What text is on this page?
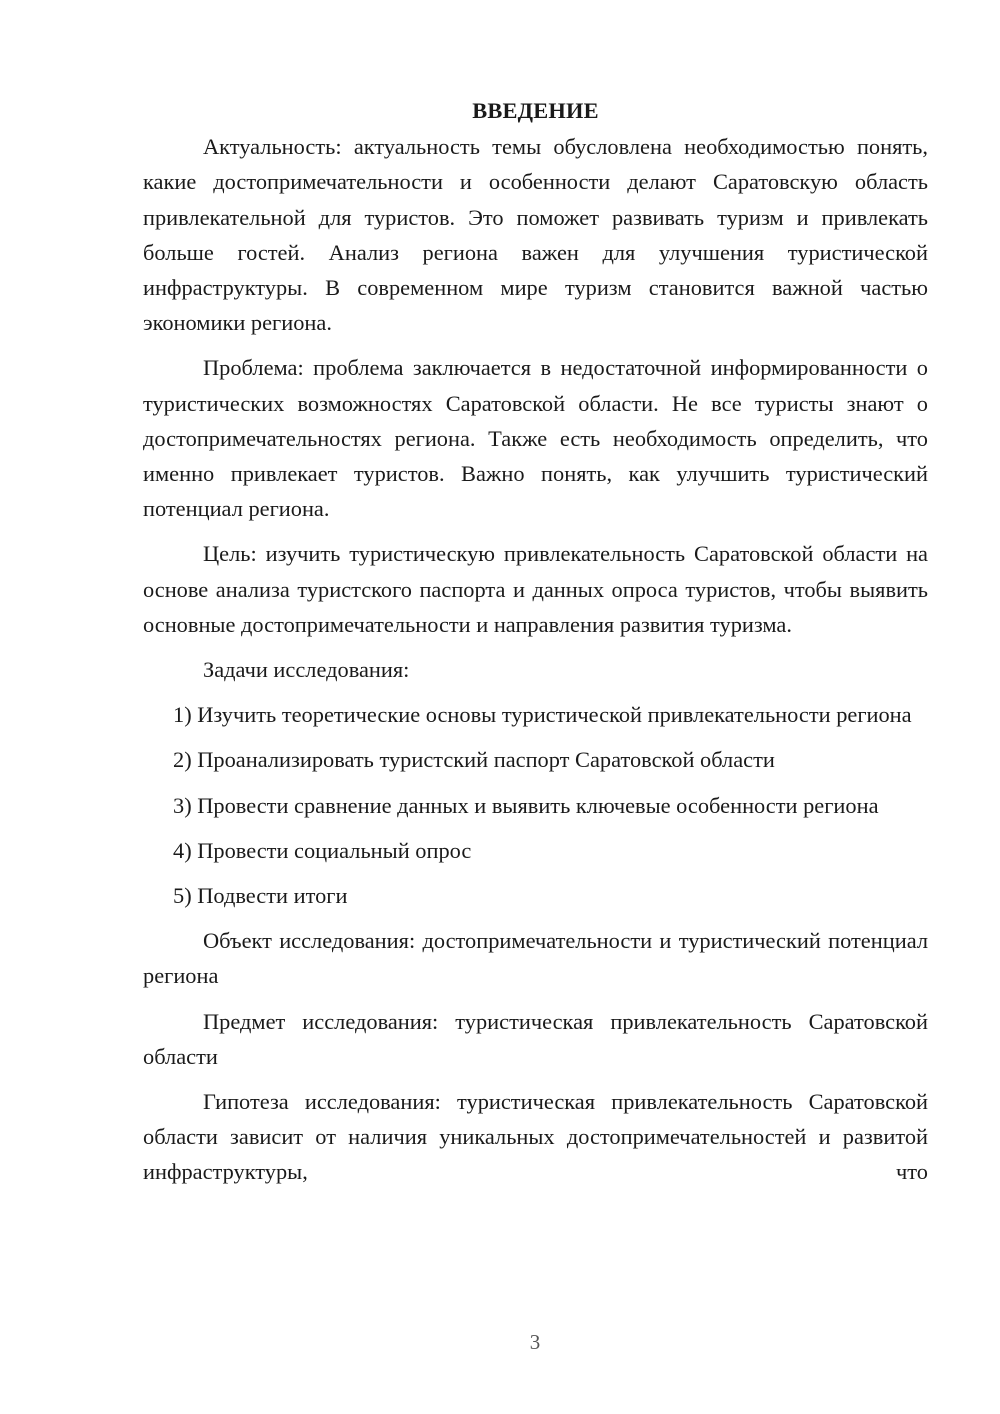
ВВЕДЕНИЕ
Актуальность: актуальность темы обусловлена необходимостью понять, какие достопримечательности и особенности делают Саратовскую область привлекательной для туристов. Это поможет развивать туризм и привлекать больше гостей. Анализ региона важен для улучшения туристической инфраструктуры. В современном мире туризм становится важной частью экономики региона.
Проблема: проблема заключается в недостаточной информированности о туристических возможностях Саратовской области. Не все туристы знают о достопримечательностях региона. Также есть необходимость определить, что именно привлекает туристов. Важно понять, как улучшить туристический потенциал региона.
Цель: изучить туристическую привлекательность Саратовской области на основе анализа туристского паспорта и данных опроса туристов, чтобы выявить основные достопримечательности и направления развития туризма.
Задачи исследования:
1) Изучить теоретические основы туристической привлекательности региона
2) Проанализировать туристский паспорт Саратовской области
3) Провести сравнение данных и выявить ключевые особенности региона
4) Провести социальный опрос
5) Подвести итоги
Объект исследования: достопримечательности и туристический потенциал региона
Предмет исследования: туристическая привлекательность Саратовской области
Гипотеза исследования: туристическая привлекательность Саратовской области зависит от наличия уникальных достопримечательностей и развитой инфраструктуры, что
3
